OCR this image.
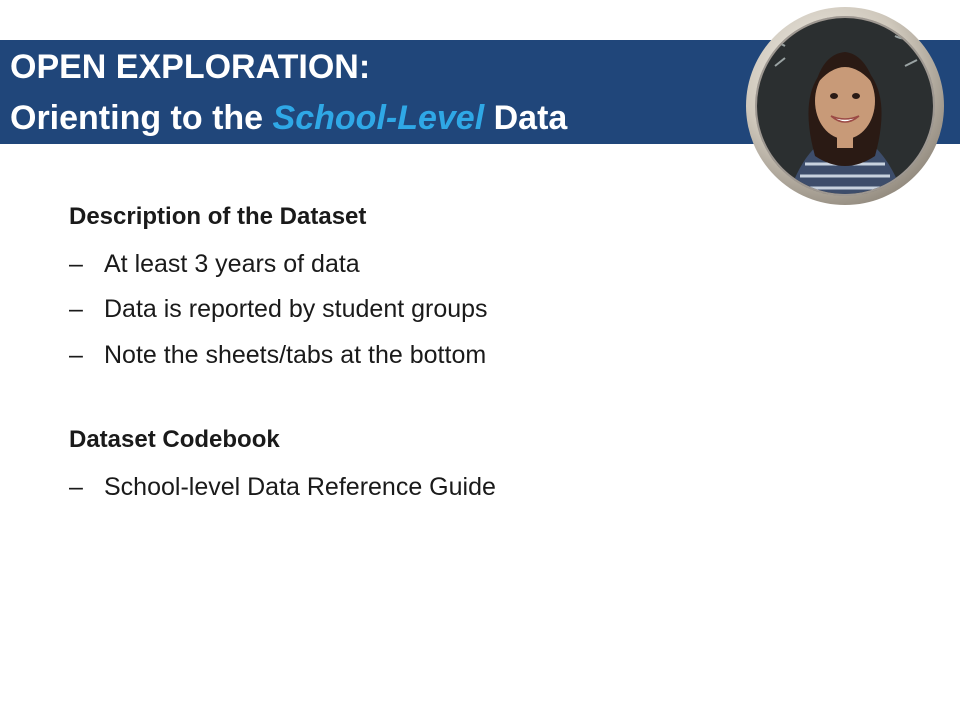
OPEN EXPLORATION:
Orienting to the School-Level Data
Description of the Dataset
– At least 3 years of data
– Data is reported by student groups
– Note the sheets/tabs at the bottom
Dataset Codebook
– School-level Data Reference Guide
